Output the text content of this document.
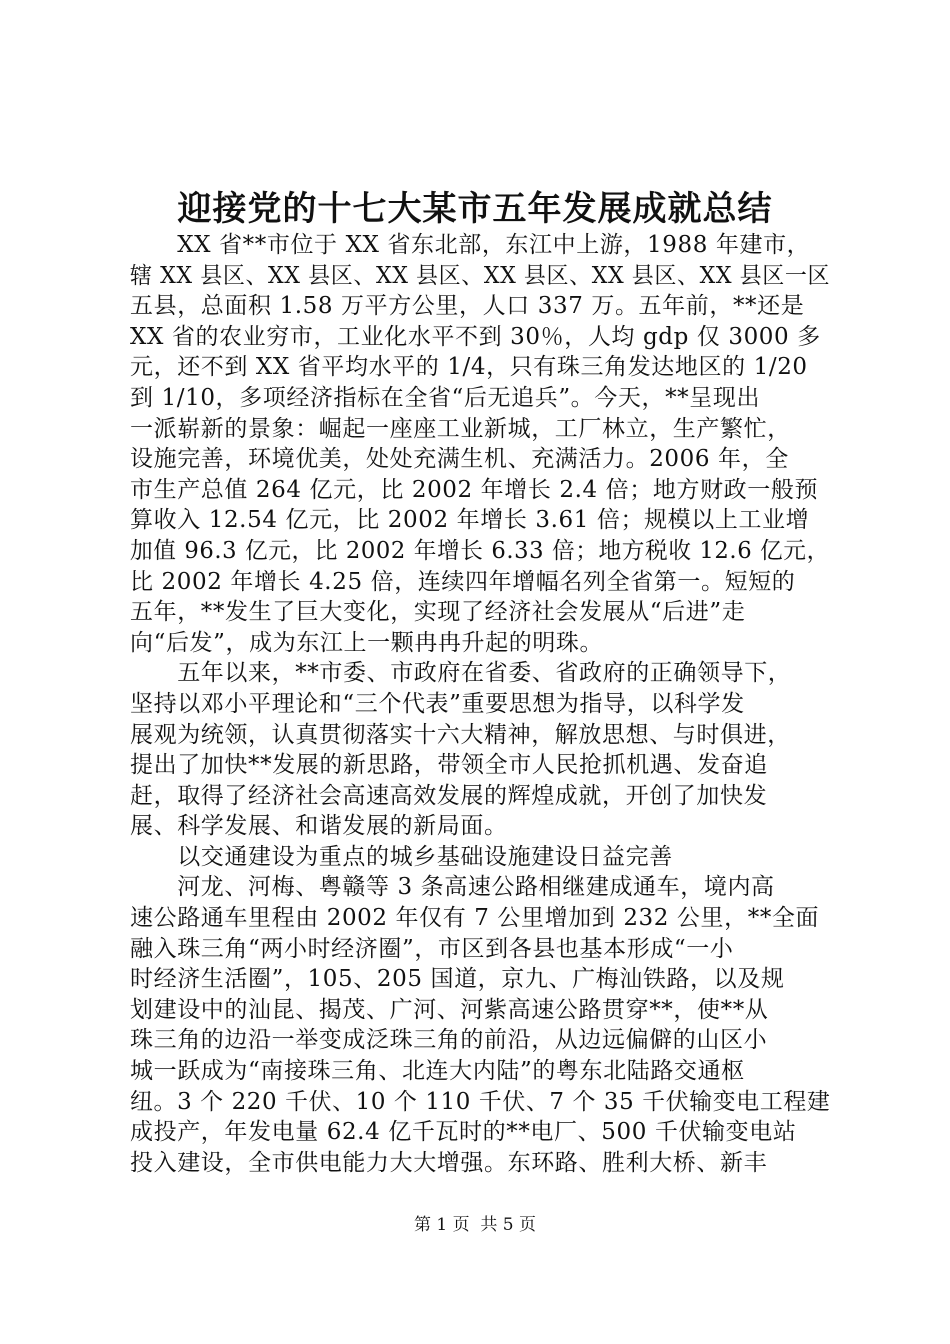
迎接党的十七大某市五年发展成就总结
　　XX 省**市位于 XX 省东北部，东江中上游，1988 年建市，
辖 XX 县区、XX 县区、XX 县区、XX 县区、XX 县区、XX 县区一区
五县，总面积 1.58 万平方公里，人口 337 万。五年前，**还是
XX 省的农业穷市，工业化水平不到 30％，人均 gdp 仅 3000 多
元，还不到 XX 省平均水平的 1/4，只有珠三角发达地区的 1/20
到 1/10，多项经济指标在全省“后无追兵”。今天，**呈现出
一派崭新的景象：崛起一座座工业新城，工厂林立，生产繁忙，
设施完善，环境优美，处处充满生机、充满活力。2006 年，全
市生产总值 264 亿元，比 2002 年增长 2.4 倍；地方财政一般预
算收入 12.54 亿元，比 2002 年增长 3.61 倍；规模以上工业增
加值 96.3 亿元，比 2002 年增长 6.33 倍；地方税收 12.6 亿元，
比 2002 年增长 4.25 倍，连续四年增幅名列全省第一。短短的
五年，**发生了巨大变化，实现了经济社会发展从“后进”走
向“后发”，成为东江上一颗冉冉升起的明珠。
　　五年以来，**市委、市政府在省委、省政府的正确领导下，
坚持以邓小平理论和“三个代表”重要思想为指导，以科学发
展观为统领，认真贯彻落实十六大精神，解放思想、与时俱进，
提出了加快**发展的新思路，带领全市人民抢抓机遇、发奋追
赶，取得了经济社会高速高效发展的辉煌成就，开创了加快发
展、科学发展、和谐发展的新局面。
　　以交通建设为重点的城乡基础设施建设日益完善
　　河龙、河梅、粤赣等 3 条高速公路相继建成通车，境内高
速公路通车里程由 2002 年仅有 7 公里增加到 232 公里，**全面
融入珠三角“两小时经济圈”，市区到各县也基本形成“一小
时经济生活圈”，105、205 国道，京九、广梅汕铁路，以及规
划建设中的汕昆、揭茂、广河、河紫高速公路贯穿**，使**从
珠三角的边沿一举变成泛珠三角的前沿，从边远偏僻的山区小
城一跃成为“南接珠三角、北连大内陆”的粤东北陆路交通枢
纽。3 个 220 千伏、10 个 110 千伏、7 个 35 千伏输变电工程建
成投产，年发电量 62.4 亿千瓦时的**电厂、500 千伏输变电站
投入建设，全市供电能力大大增强。东环路、胜利大桥、新丰
第 1 页  共 5 页
